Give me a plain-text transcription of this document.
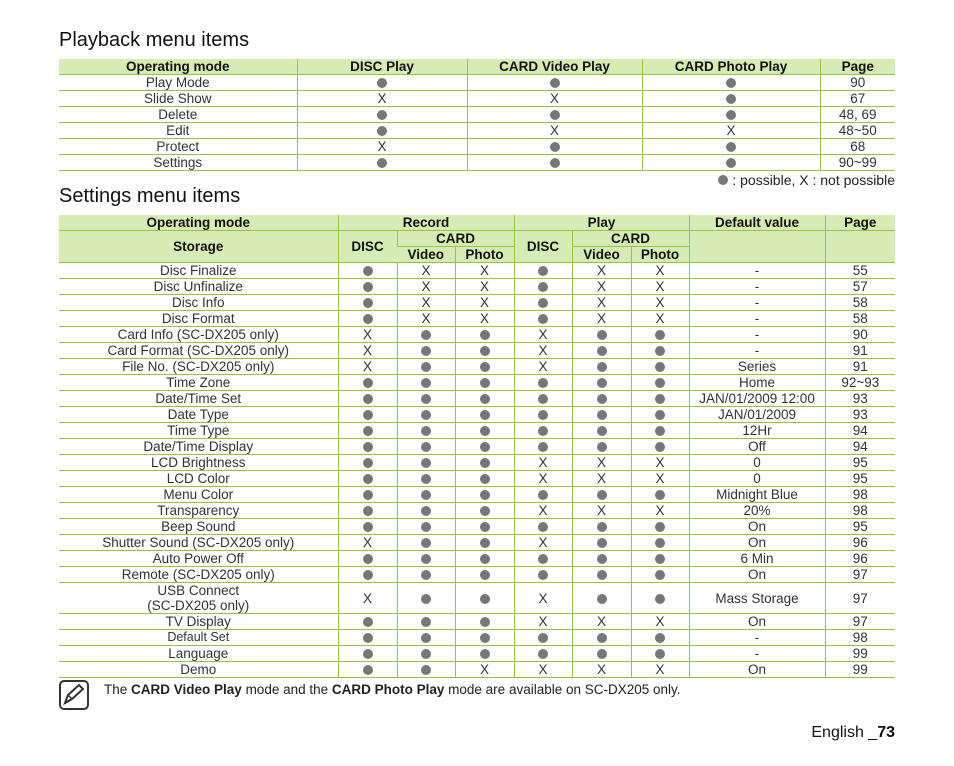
Playback menu items
Operating mode	DISC Play	CARD Video Play	CARD Photo Play	Page
Play Mode				90
Slide Show	X	X		67
Delete				48, 69
Edit		X	X	48~50
Protect	X			68
Settings				90~99
: possible, X : not possible
Settings menu items
Operating mode	Record			Play			Default value	Page
Storage	DISC	CARD		DISC	CARD			
		Video	Photo		Video	Photo		
Disc Finalize		X	X		X	X	-	55
Disc Unfinalize		X	X		X	X	-	57
Disc Info		X	X		X	X	-	58
Disc Format		X	X		X	X	-	58
Card Info (SC-DX205 only)	X			X			-	90
Card Format (SC-DX205 only)	X			X			-	91
File No. (SC-DX205 only)	X			X			Series	91
Time Zone							Home	92~93
Date/Time Set							JAN/01/2009 12:00	93
Date Type							JAN/01/2009	93
Time Type							12Hr	94
Date/Time Display							Off	94
LCD Brightness				X	X	X	0	95
LCD Color				X	X	X	0	95
Menu Color							Midnight Blue	98
Transparency				X	X	X	20%	98
Beep Sound							On	95
Shutter Sound (SC-DX205 only)	X			X			On	96
Auto Power Off							6 Min	96
Remote (SC-DX205 only)							On	97
USB Connect
(SC-DX205 only)	X			X			Mass Storage	97
TV Display				X	X	X	On	97
Default Set							-	98
Language							-	99
Demo			X	X	X	X	On	99
The CARD Video Play mode and the CARD Photo Play mode are available on SC-DX205 only.
English _73
